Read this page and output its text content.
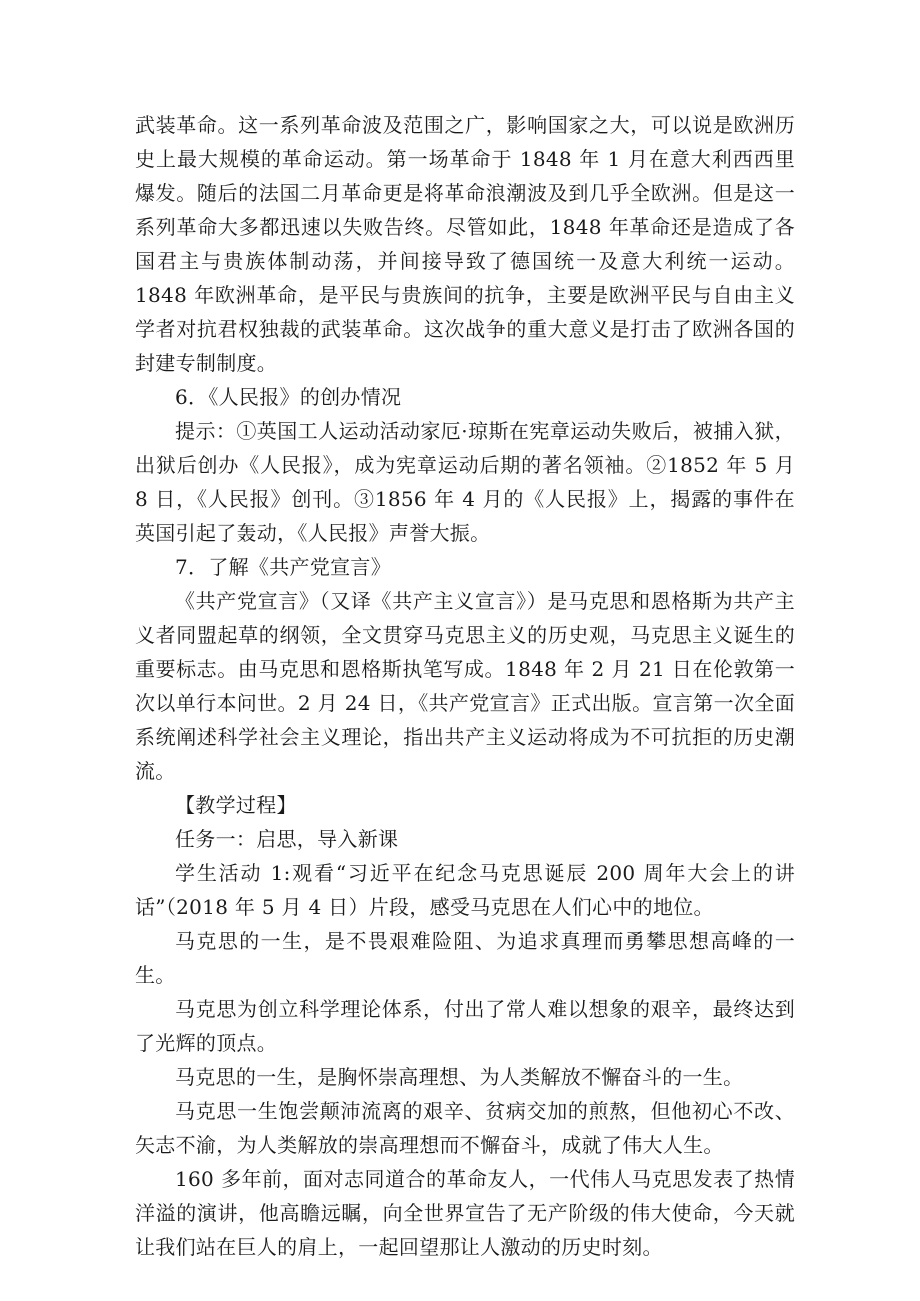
武装革命。这一系列革命波及范围之广，影响国家之大，可以说是欧洲历史上最大规模的革命运动。第一场革命于 1848 年 1 月在意大利西西里爆发。随后的法国二月革命更是将革命浪潮波及到几乎全欧洲。但是这一系列革命大多都迅速以失败告终。尽管如此，1848 年革命还是造成了各国君主与贵族体制动荡，并间接导致了德国统一及意大利统一运动。1848 年欧洲革命，是平民与贵族间的抗争，主要是欧洲平民与自由主义学者对抗君权独裁的武装革命。这次战争的重大意义是打击了欧洲各国的封建专制制度。

6．《人民报》的创办情况

提示：①英国工人运动活动家厄·琼斯在宪章运动失败后，被捕入狱，出狱后创办《人民报》，成为宪章运动后期的著名领袖。②1852 年 5 月 8 日，《人民报》创刊。③1856 年 4 月的《人民报》上，揭露的事件在英国引起了轰动，《人民报》声誉大振。

7．了解《共产党宣言》

《共产党宣言》（又译《共产主义宣言》）是马克思和恩格斯为共产主义者同盟起草的纲领，全文贯穿马克思主义的历史观，马克思主义诞生的重要标志。由马克思和恩格斯执笔写成。1848 年 2 月 21 日在伦敦第一次以单行本问世。2 月 24 日，《共产党宣言》正式出版。宣言第一次全面系统阐述科学社会主义理论，指出共产主义运动将成为不可抗拒的历史潮流。

【教学过程】

任务一：启思，导入新课

学生活动 1:观看“习近平在纪念马克思诞辰 200 周年大会上的讲话”（2018 年 5 月 4 日）片段，感受马克思在人们心中的地位。

马克思的一生，是不畏艰难险阻、为追求真理而勇攀思想高峰的一生。

马克思为创立科学理论体系，付出了常人难以想象的艰辛，最终达到了光辉的顶点。

马克思的一生，是胸怀崇高理想、为人类解放不懈奋斗的一生。

马克思一生饱尝颠沛流离的艰辛、贫病交加的煎熬，但他初心不改、矢志不渝，为人类解放的崇高理想而不懈奋斗，成就了伟大人生。

160 多年前，面对志同道合的革命友人，一代伟人马克思发表了热情洋溢的演讲，他高瞻远瞩，向全世界宣告了无产阶级的伟大使命，今天就让我们站在巨人的肩上，一起回望那让人激动的历史时刻。
